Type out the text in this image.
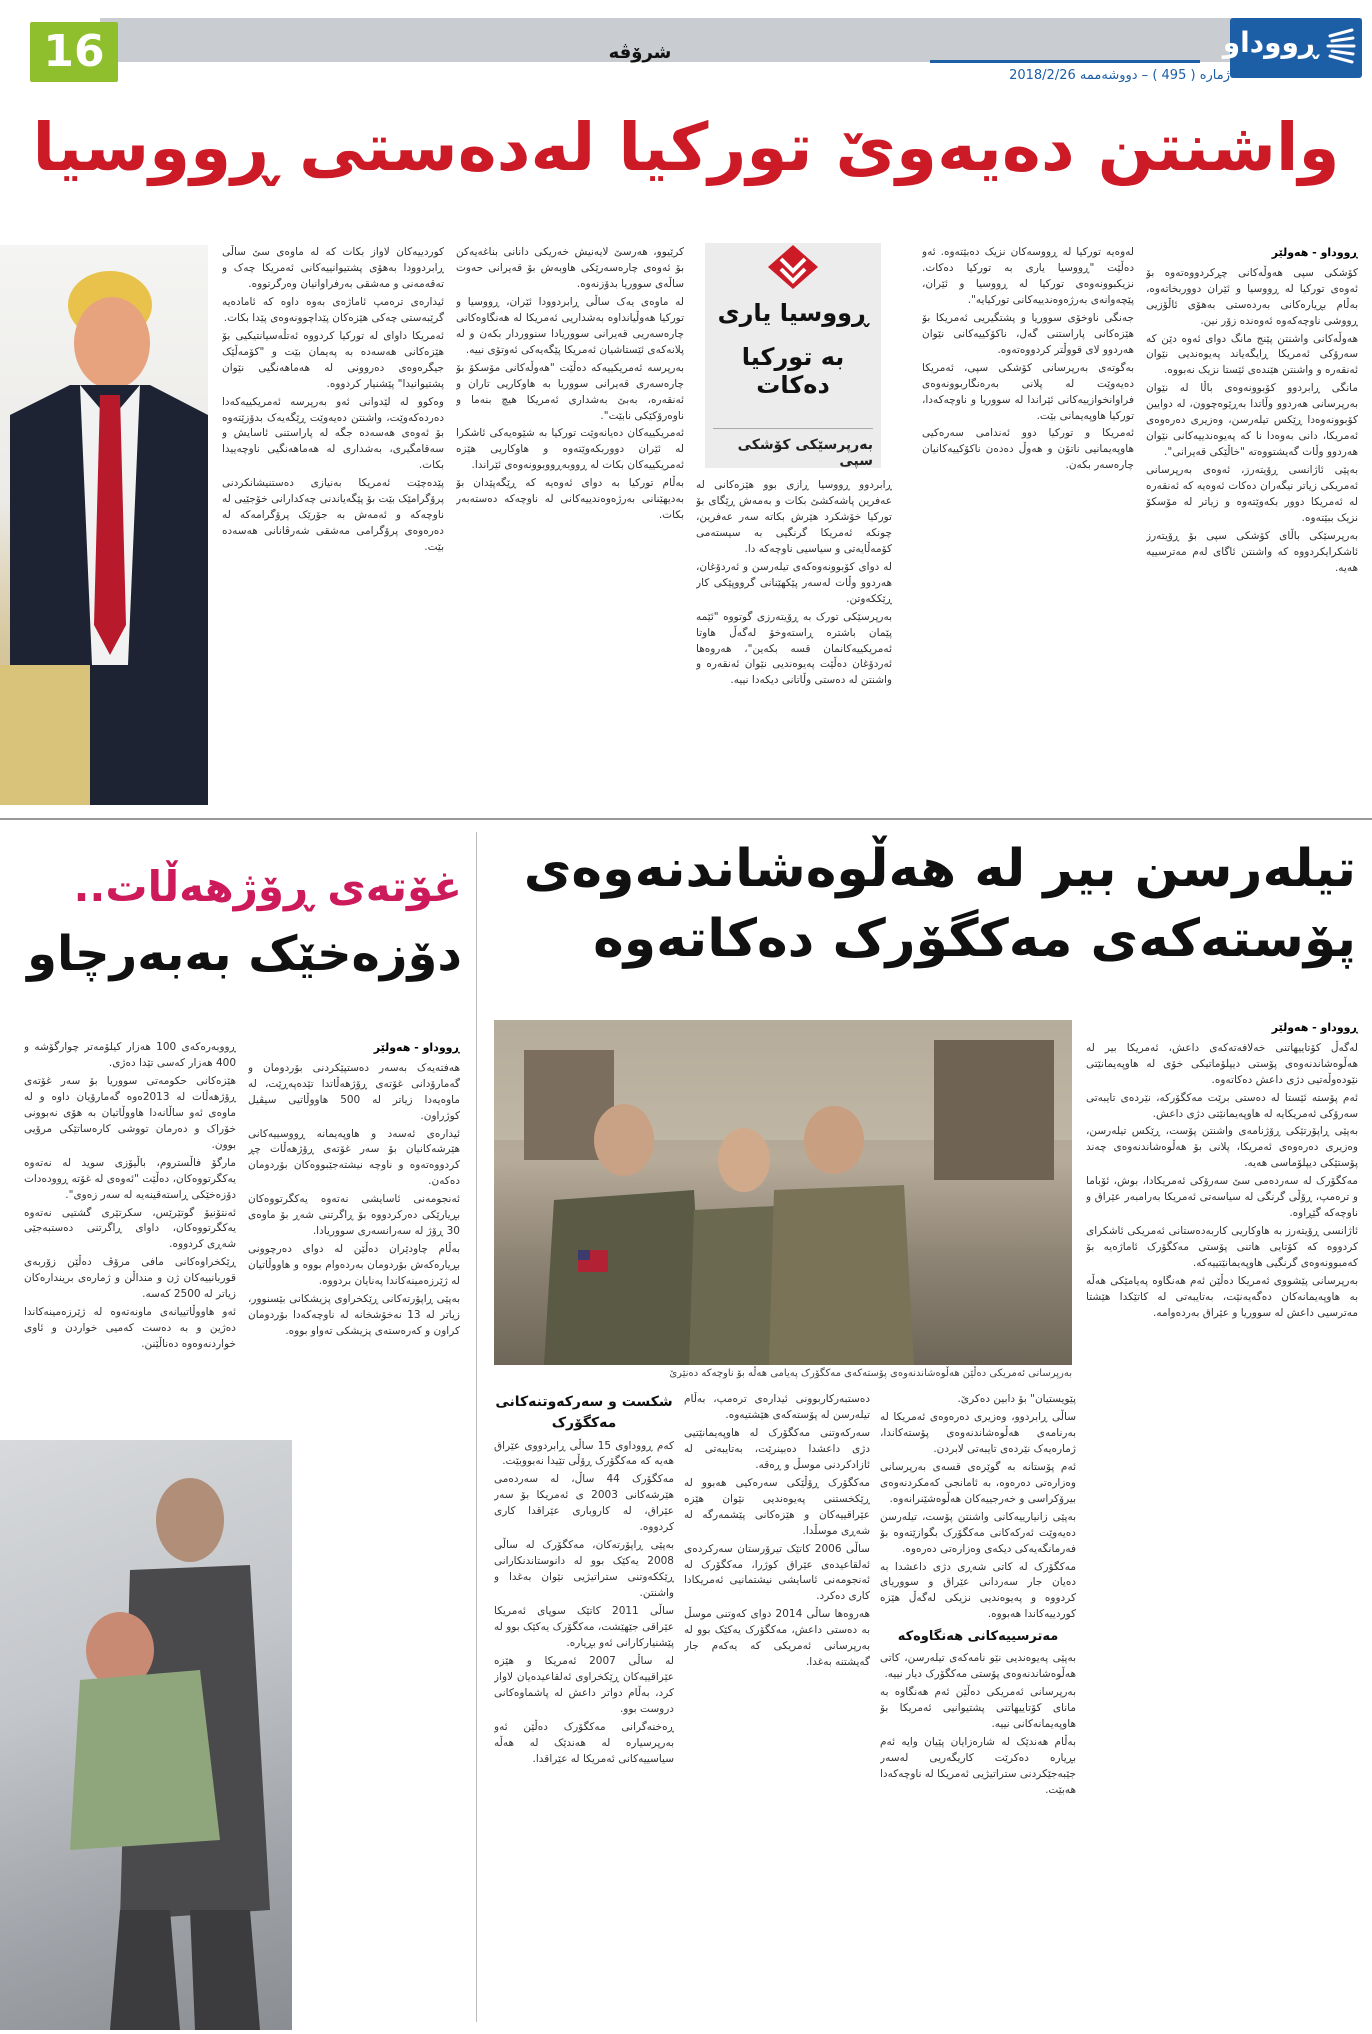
16	شرۆڤە	ڕووداو
ژمارە ( 495 ) – دووشەممە 2018/2/26
واشنتن دەیەوێ تورکیا لەدەستی ڕووسیا
ڕووسیا یاری
بە تورکیا دەکات
بەرپرسێکی کۆشکی سپی
ڕووداو - هەولێر

کۆشکی سپی هەوڵەکانی چڕکردووەتەوە بۆ ئەوەی تورکیا لە ڕووسیا و ئێران دووربخاتەوە، بەڵام بڕیارەکانی بەردەستی بەهۆی ئاڵۆزیی ڕووشی ناوچەکەوە ئەوەندە زۆر نین.

هەوڵەکانی واشنتن پێنج مانگ دوای ئەوە دێن کە سەرۆکی ئەمریکا ڕایگەیاند پەیوەندیی نێوان ئەنقەرە و واشنتن هێندەی ئێستا نزیک نەبووە.

مانگی ڕابردوو کۆبوونەوەی باڵا لە نێوان بەرپرسانی هەردوو وڵاتدا بەڕێوەچوون، لە دوایین کۆبوونەوەدا ڕێکس تیلەرسن، وەزیری دەرەوەی ئەمریکا، دانی بەوەدا نا کە پەیوەندییەکانی نێوان هەردوو وڵات گەیشتووەتە "خاڵێکی قەیرانی".

بەپێی ئاژانسی ڕۆیتەرز، ئەوەی بەرپرسانی ئەمریکی زیاتر نیگەران دەکات ئەوەیە کە ئەنقەرە لە ئەمریکا دوور بکەوێتەوە و زیاتر لە مۆسکۆ نزیک ببێتەوە.

بەرپرسێکی باڵای کۆشکی سپی بۆ ڕۆیتەرز ئاشکرایکردووە کە واشنتن ئاگای لەم مەترسییە هەیە.

لەوەیە تورکیا لە ڕووسەکان نزیک دەبێتەوە. ئەو دەڵێت "ڕووسیا یاری بە تورکیا دەکات. نزیکبوونەوەی تورکیا لە ڕووسیا و ئێران، پێچەوانەی بەرژەوەندییەکانی تورکیایە".

جەنگی ناوخۆی سووریا و پشتگیریی ئەمریکا بۆ هێزەکانی پاراستنی گەل، ناکۆکییەکانی نێوان هەردوو لای قووڵتر کردووەتەوە.

بەگوتەی بەرپرسانی کۆشکی سپی، ئەمریکا دەیەوێت لە پلانی بەرەنگاربوونەوەی فراوانخوازییەکانی ئێراندا لە سووریا و ناوچەکەدا، تورکیا هاوپەیمانی بێت.

ئەمریکا و تورکیا دوو ئەندامی سەرەکیی هاوپەیمانیی ناتۆن و هەوڵ دەدەن ناکۆکییەکانیان چارەسەر بکەن.

ڕابردوو ڕووسیا ڕازی بوو هێزەکانی لە عەفرین پاشەکشێ بکات و بەمەش ڕێگای بۆ تورکیا خۆشکرد هێرش بکاتە سەر عەفرین، چونکە ئەمریکا گرنگیی بە سیستەمی کۆمەڵایەتی و سیاسیی ناوچەکە دا.

لە دوای کۆبوونەوەکەی تیلەرسن و ئەردۆغان، هەردوو وڵات لەسەر پێکهێنانی گرووپێکی کار ڕێککەوتن.

بەرپرسێکی تورک بە ڕۆیتەرزی گوتووە "ئێمە پێمان باشترە ڕاستەوخۆ لەگەڵ هاوتا ئەمریکییەکانمان قسە بکەین"، هەروەها ئەردۆغان دەڵێت پەیوەندیی نێوان ئەنقەرە و واشنتن لە دەستی وڵاتانی دیکەدا نییە.

کرێیوو، هەرسێ لایەنیش خەریکی دانانی بناغەیەکن بۆ ئەوەی چارەسەرێکی هاوبەش بۆ قەیرانی حەوت ساڵەی سووریا بدۆزنەوە.

لە ماوەی یەک ساڵی ڕابردوودا ئێران، ڕووسیا و تورکیا هەوڵیانداوە بەشداریی ئەمریکا لە هەنگاوەکانی چارەسەریی قەیرانی سووریادا سنووردار بکەن و لە پلانەکەی ئێستاشیان ئەمریکا پێگەیەکی ئەوتۆی نییە.

بەرپرسە ئەمریکییەکە دەڵێت "هەوڵەکانی مۆسکۆ بۆ چارەسەری قەیرانی سووریا بە هاوکاریی تاران و ئەنقەرە، بەبێ بەشداری ئەمریکا هیچ بنەما و ناوەرۆکێکی نابێت".

ئەمریکییەکان دەیانەوێت تورکیا بە شێوەیەکی ئاشکرا لە ئێران دووربکەوێتەوە و هاوکاریی هێزە ئەمریکییەکان بکات لە ڕووبەڕووبوونەوەی ئێراندا.

بەڵام تورکیا بە دوای ئەوەیە کە ڕێگەپێدان بۆ بەدیهێنانی بەرژەوەندییەکانی لە ناوچەکە دەستەبەر بکات.

کوردییەکان لاواز بکات کە لە ماوەی سێ ساڵی ڕابردوودا بەهۆی پشتیوانییەکانی ئەمریکا چەک و تەقەمەنی و مەشقی بەرفراوانیان وەرگرتووە.

ئیدارەی ترەمپ ئاماژەی بەوە داوە کە ئامادەیە گرێبەستی چەکی هێزەکان پێداچوونەوەی پێدا بکات.

ئەمریکا داوای لە تورکیا کردووە ئەتڵەسیانتیکیی بۆ هێزەکانی هەسەدە بە پەیمان بێت و "کۆمەڵێک جیگرەوەی دەروونی لە هەماهەنگیی نێوان پشتیوانیدا" پێشنیار کردووە.

وەکوو لە لێدوانی ئەو بەرپرسە ئەمریکییەکەدا دەردەکەوێت، واشنتن دەیەوێت ڕێگەیەک بدۆزێتەوە بۆ ئەوەی هەسەدە جگە لە پاراستنی ئاسایش و سەقامگیری، بەشداری لە هەماهەنگیی ناوچەییدا بکات.

پێدەچێت ئەمریکا بەنیازی دەستنیشانکردنی پرۆگرامێک بێت بۆ پێگەیاندنی چەکدارانی خۆجێیی لە ناوچەکە و ئەمەش بە جۆرێک پرۆگرامەکە لە دەرەوەی پرۆگرامی مەشقی شەرڤانانی هەسەدە بێت.

تیلەرسن بیر لە هەڵوەشاندنەوەی
پۆستەکەی مەکگۆرک دەکاتەوە
بەرپرسانی ئەمریکی دەڵێن هەڵوەشاندنەوەی پۆستەکەی مەکگۆرک پەیامی هەڵە بۆ ناوچەکە دەنێرێ
ڕووداو - هەولێر

لەگەڵ کۆتاییهاتنی خەلافەتەکەی داعش، ئەمریکا بیر لە هەڵوەشاندنەوەی پۆستی دیپلۆماتیکی خۆی لە هاوپەیمانێتی نێودەوڵەتیی دژی داعش دەکاتەوە.

ئەم پۆستە ئێستا لە دەستی برێت مەکگۆرکە، نێردەی تایبەتی سەرۆکی ئەمریکایە لە هاوپەیمانێتی دژی داعش.

بەپێی ڕاپۆرتێکی ڕۆژنامەی واشنتن پۆست، ڕێکس تیلەرسن، وەزیری دەرەوەی ئەمریکا، پلانی بۆ هەڵوەشاندنەوەی چەند پۆستێکی دیپلۆماسی هەیە.

مەکگۆرک لە سەردەمی سێ سەرۆکی ئەمریکادا، بوش، ئۆباما و ترەمپ، ڕۆڵی گرنگی لە سیاسەتی ئەمریکا بەرامبەر عێراق و ناوچەکە گێڕاوە.

ئاژانسی ڕۆیتەرز بە هاوکاریی کاربەدەستانی ئەمریکی ئاشکرای کردووە کە کۆتایی هاتنی پۆستی مەکگۆرک ئاماژەیە بۆ کەمبوونەوەی گرنگیی هاوپەیمانێتییەکە.

بەرپرسانی پێشووی ئەمریکا دەڵێن ئەم هەنگاوە پەیامێکی هەڵە بە هاوپەیمانەکان دەگەیەنێت، بەتایبەتی لە کاتێکدا هێشتا مەترسیی داعش لە سووریا و عێراق بەردەوامە.

پێویستیان" بۆ دابین دەکرێ.

ساڵی ڕابردوو، وەزیری دەرەوەی ئەمریکا لە بەرنامەی هەڵوەشاندنەوەی پۆستەکاندا، ژمارەیەک نێردەی تایبەتی لابردن.

ئەم پۆستانە بە گوێرەی قسەی بەرپرسانی وەزارەتی دەرەوە، بە ئامانجی کەمکردنەوەی بیرۆکراسی و خەرجییەکان هەڵوەشێنرانەوە.

بەپێی زانیارییەکانی واشنتن پۆست، تیلەرسن دەیەوێت ئەرکەکانی مەکگۆرک بگوازێتەوە بۆ فەرمانگەیەکی دیکەی وەزارەتی دەرەوە.

مەکگۆرک لە کاتی شەڕی دژی داعشدا بە دەیان جار سەردانی عێراق و سووریای کردووە و پەیوەندیی نزیکی لەگەڵ هێزە کوردییەکاندا هەبووە.

مەترسییەکانی هەنگاوەکە

بەپێی پەیوەندیی نێو نامەکەی تیلەرسن، کاتی هەڵوەشاندنەوەی پۆستی مەکگۆرک دیار نییە.

بەرپرسانی ئەمریکی دەڵێن ئەم هەنگاوە بە مانای کۆتاییهاتنی پشتیوانیی ئەمریکا بۆ هاوپەیمانەکانی نییە.

بەڵام هەندێک لە شارەزایان پێیان وایە ئەم بڕیارە دەکرێت کاریگەریی لەسەر جێبەجێکردنی ستراتیژیی ئەمریکا لە ناوچەکەدا هەبێت.

دەستبەرکاربوونی ئیدارەی ترەمپ، بەڵام تیلەرسن لە پۆستەکەی هێشتیەوە.

سەرکەوتنی مەکگۆرک لە هاوپەیمانێتیی دژی داعشدا دەبینرێت، بەتایبەتی لە ئازادکردنی موسڵ و ڕەقە.

مەکگۆرک ڕۆڵێکی سەرەکیی هەبوو لە ڕێکخستنی پەیوەندیی نێوان هێزە عێراقییەکان و هێزەکانی پێشمەرگە لە شەڕی موسڵدا.

ساڵی 2006 کاتێک تیرۆرستان سەرکردەی ئەلقاعیدەی عێراق کوژرا، مەکگۆرک لە ئەنجومەنی ئاسایشی نیشتمانیی ئەمریکادا کاری دەکرد.

هەروەها ساڵی 2014 دوای کەوتنی موسڵ بە دەستی داعش، مەکگۆرک یەکێک بوو لە بەرپرسانی ئەمریکی کە یەکەم جار گەیشتنە بەغدا.

شکست و سەرکەوتنەکانی مەکگۆرک

کەم ڕووداوی 15 ساڵی ڕابردووی عێراق هەیە کە مەکگۆرک ڕۆڵی تێیدا نەبووبێت.

مەکگۆرک 44 ساڵ، لە سەردەمی هێرشەکانی 2003 ی ئەمریکا بۆ سەر عێراق، لە کاروباری عێراقدا کاری کردووە.

بەپێی ڕاپۆرتەکان، مەکگۆرک لە ساڵی 2008 یەکێک بوو لە دانوستاندنکارانی ڕێککەوتنی ستراتیژیی نێوان بەغدا و واشنتن.

ساڵی 2011 کاتێک سوپای ئەمریکا عێراقی جێهێشت، مەکگۆرک یەکێک بوو لە پێشنیارکارانی ئەو بڕیارە.

لە ساڵی 2007 ئەمریکا و هێزە عێراقییەکان ڕێکخراوی ئەلقاعیدەیان لاواز کرد، بەڵام دواتر داعش لە پاشماوەکانی دروست بوو.

ڕەخنەگرانی مەکگۆرک دەڵێن ئەو بەرپرسیارە لە هەندێک لە هەڵە سیاسییەکانی ئەمریکا لە عێراقدا.

غۆتەی ڕۆژهەڵات..
دۆزەخێک بەبەرچاو
ڕووداو - هەولێر

هەفتەیەک بەسەر دەستپێکردنی بۆردومان و گەمارۆدانی غۆتەی ڕۆژهەڵاتدا تێدەپەڕێت، لە ماوەیەدا زیاتر لە 500 هاووڵاتیی سیڤیل کوژراون.

ئیدارەی ئەسەد و هاوپەیمانە ڕووسییەکانی هێرشەکانیان بۆ سەر غۆتەی ڕۆژهەڵات چڕ کردووەتەوە و ناوچە نیشتەجێبووەکان بۆردومان دەکەن.

ئەنجومەنی ئاسایشی نەتەوە یەکگرتووەکان بڕیارێکی دەرکردووە بۆ ڕاگرتنی شەڕ بۆ ماوەی 30 ڕۆژ لە سەرانسەری سووریادا.

بەڵام چاودێران دەڵێن لە دوای دەرچوونی بڕیارەکەش بۆردومان بەردەوام بووە و هاووڵاتیان لە ژێرزەمینەکاندا پەنایان بردووە.

بەپێی ڕاپۆرتەکانی ڕێکخراوی پزیشکانی بێسنوور، زیاتر لە 13 نەخۆشخانە لە ناوچەکەدا بۆردومان کراون و کەرەستەی پزیشکی تەواو بووە.

ڕووبەرەکەی 100 هەزار کیلۆمەتر چوارگۆشە و 400 هەزار کەسی تێدا دەژی.

هێزەکانی حکومەتی سووریا بۆ سەر غۆتەی ڕۆژهەڵات لە 2013ەوە گەمارۆیان داوە و لە ماوەی ئەو ساڵانەدا هاووڵاتیان بە هۆی نەبوونی خۆراک و دەرمان تووشی کارەساتێکی مرۆیی بوون.

مارگۆ فاڵستروم، باڵیۆزی سوید لە نەتەوە یەکگرتووەکان، دەڵێت "ئەوەی لە غۆتە ڕوودەدات دۆزەخێکی ڕاستەقینەیە لە سەر زەوی".

ئەنتۆنیۆ گوتێرێس، سکرتێری گشتیی نەتەوە یەکگرتووەکان، داوای ڕاگرتنی دەستبەجێی شەڕی کردووە.

ڕێکخراوەکانی مافی مرۆڤ دەڵێن زۆربەی قوربانییەکان ژن و منداڵن و ژمارەی بریندارەکان زیاتر لە 2500 کەسە.

ئەو هاووڵاتییانەی ماونەتەوە لە ژێرزەمینەکاندا دەژین و بە دەست کەمیی خواردن و ئاوی خواردنەوەوە دەناڵێنن.
